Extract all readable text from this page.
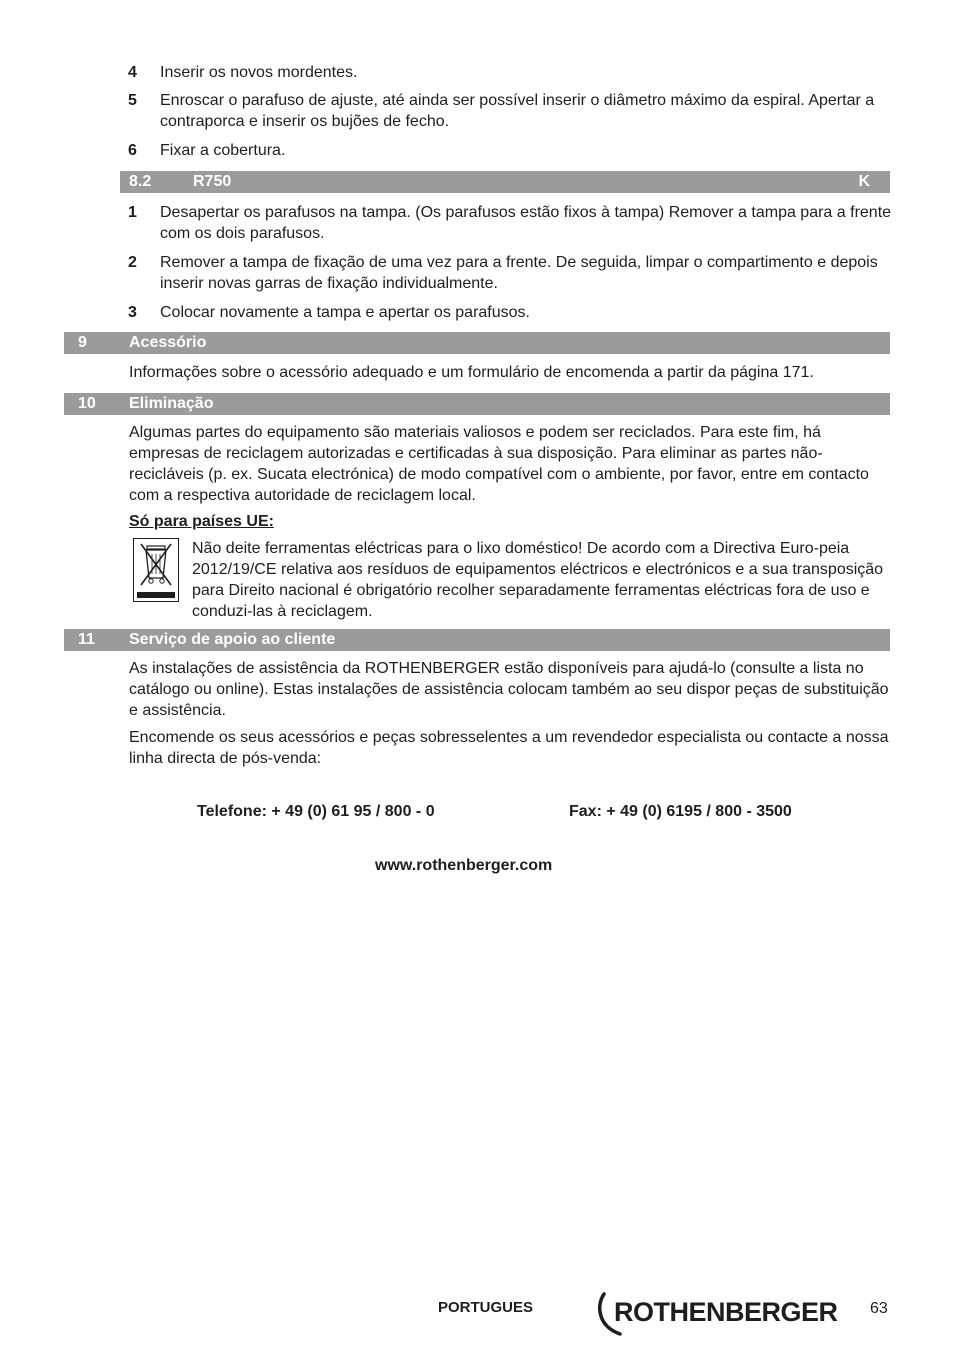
4	Inserir os novos mordentes.
5	Enroscar o parafuso de ajuste, até ainda ser possível inserir o diâmetro máximo da espiral. Apertar a contraporca e inserir os bujões de fecho.
6	Fixar a cobertura.
8.2	R750	K
1	Desapertar os parafusos na tampa. (Os parafusos estão fixos à tampa) Remover a tampa para a frente com os dois parafusos.
2	Remover a tampa de fixação de uma vez para a frente. De seguida, limpar o compartimento e depois inserir novas garras de fixação individualmente.
3	Colocar novamente a tampa e apertar os parafusos.
9	Acessório
Informações sobre o acessório adequado e um formulário de encomenda a partir da página 171.
10 Eliminação
Algumas partes do equipamento são materiais valiosos e podem ser reciclados. Para este fim, há empresas de reciclagem autorizadas e certificadas à sua disposição. Para eliminar as partes não-recicláveis (p. ex. Sucata electrónica) de modo compatível com o ambiente, por favor, entre em contacto com a respectiva autoridade de reciclagem local.
Só para países UE:
Não deite ferramentas eléctricas para o lixo doméstico! De acordo com a Directiva Euro-peia 2012/19/CE relativa aos resíduos de equipamentos eléctricos e electrónicos e a sua transposição para Direito nacional é obrigatório recolher separadamente ferramentas eléctricas fora de uso e conduzi-las à reciclagem.
11 Serviço de apoio ao cliente
As instalações de assistência da ROTHENBERGER estão disponíveis para ajudá-lo (consulte a lista no catálogo ou online). Estas instalações de assistência colocam também ao seu dispor peças de substituição e assistência.
Encomende os seus acessórios e peças sobresselentes a um revendedor especialista ou contacte a nossa linha directa de pós-venda:
Telefone: + 49 (0) 61 95 / 800 - 0	Fax: + 49 (0) 6195 / 800 - 3500
www.rothenberger.com
PORTUGUES	ROTHENBERGER 63
